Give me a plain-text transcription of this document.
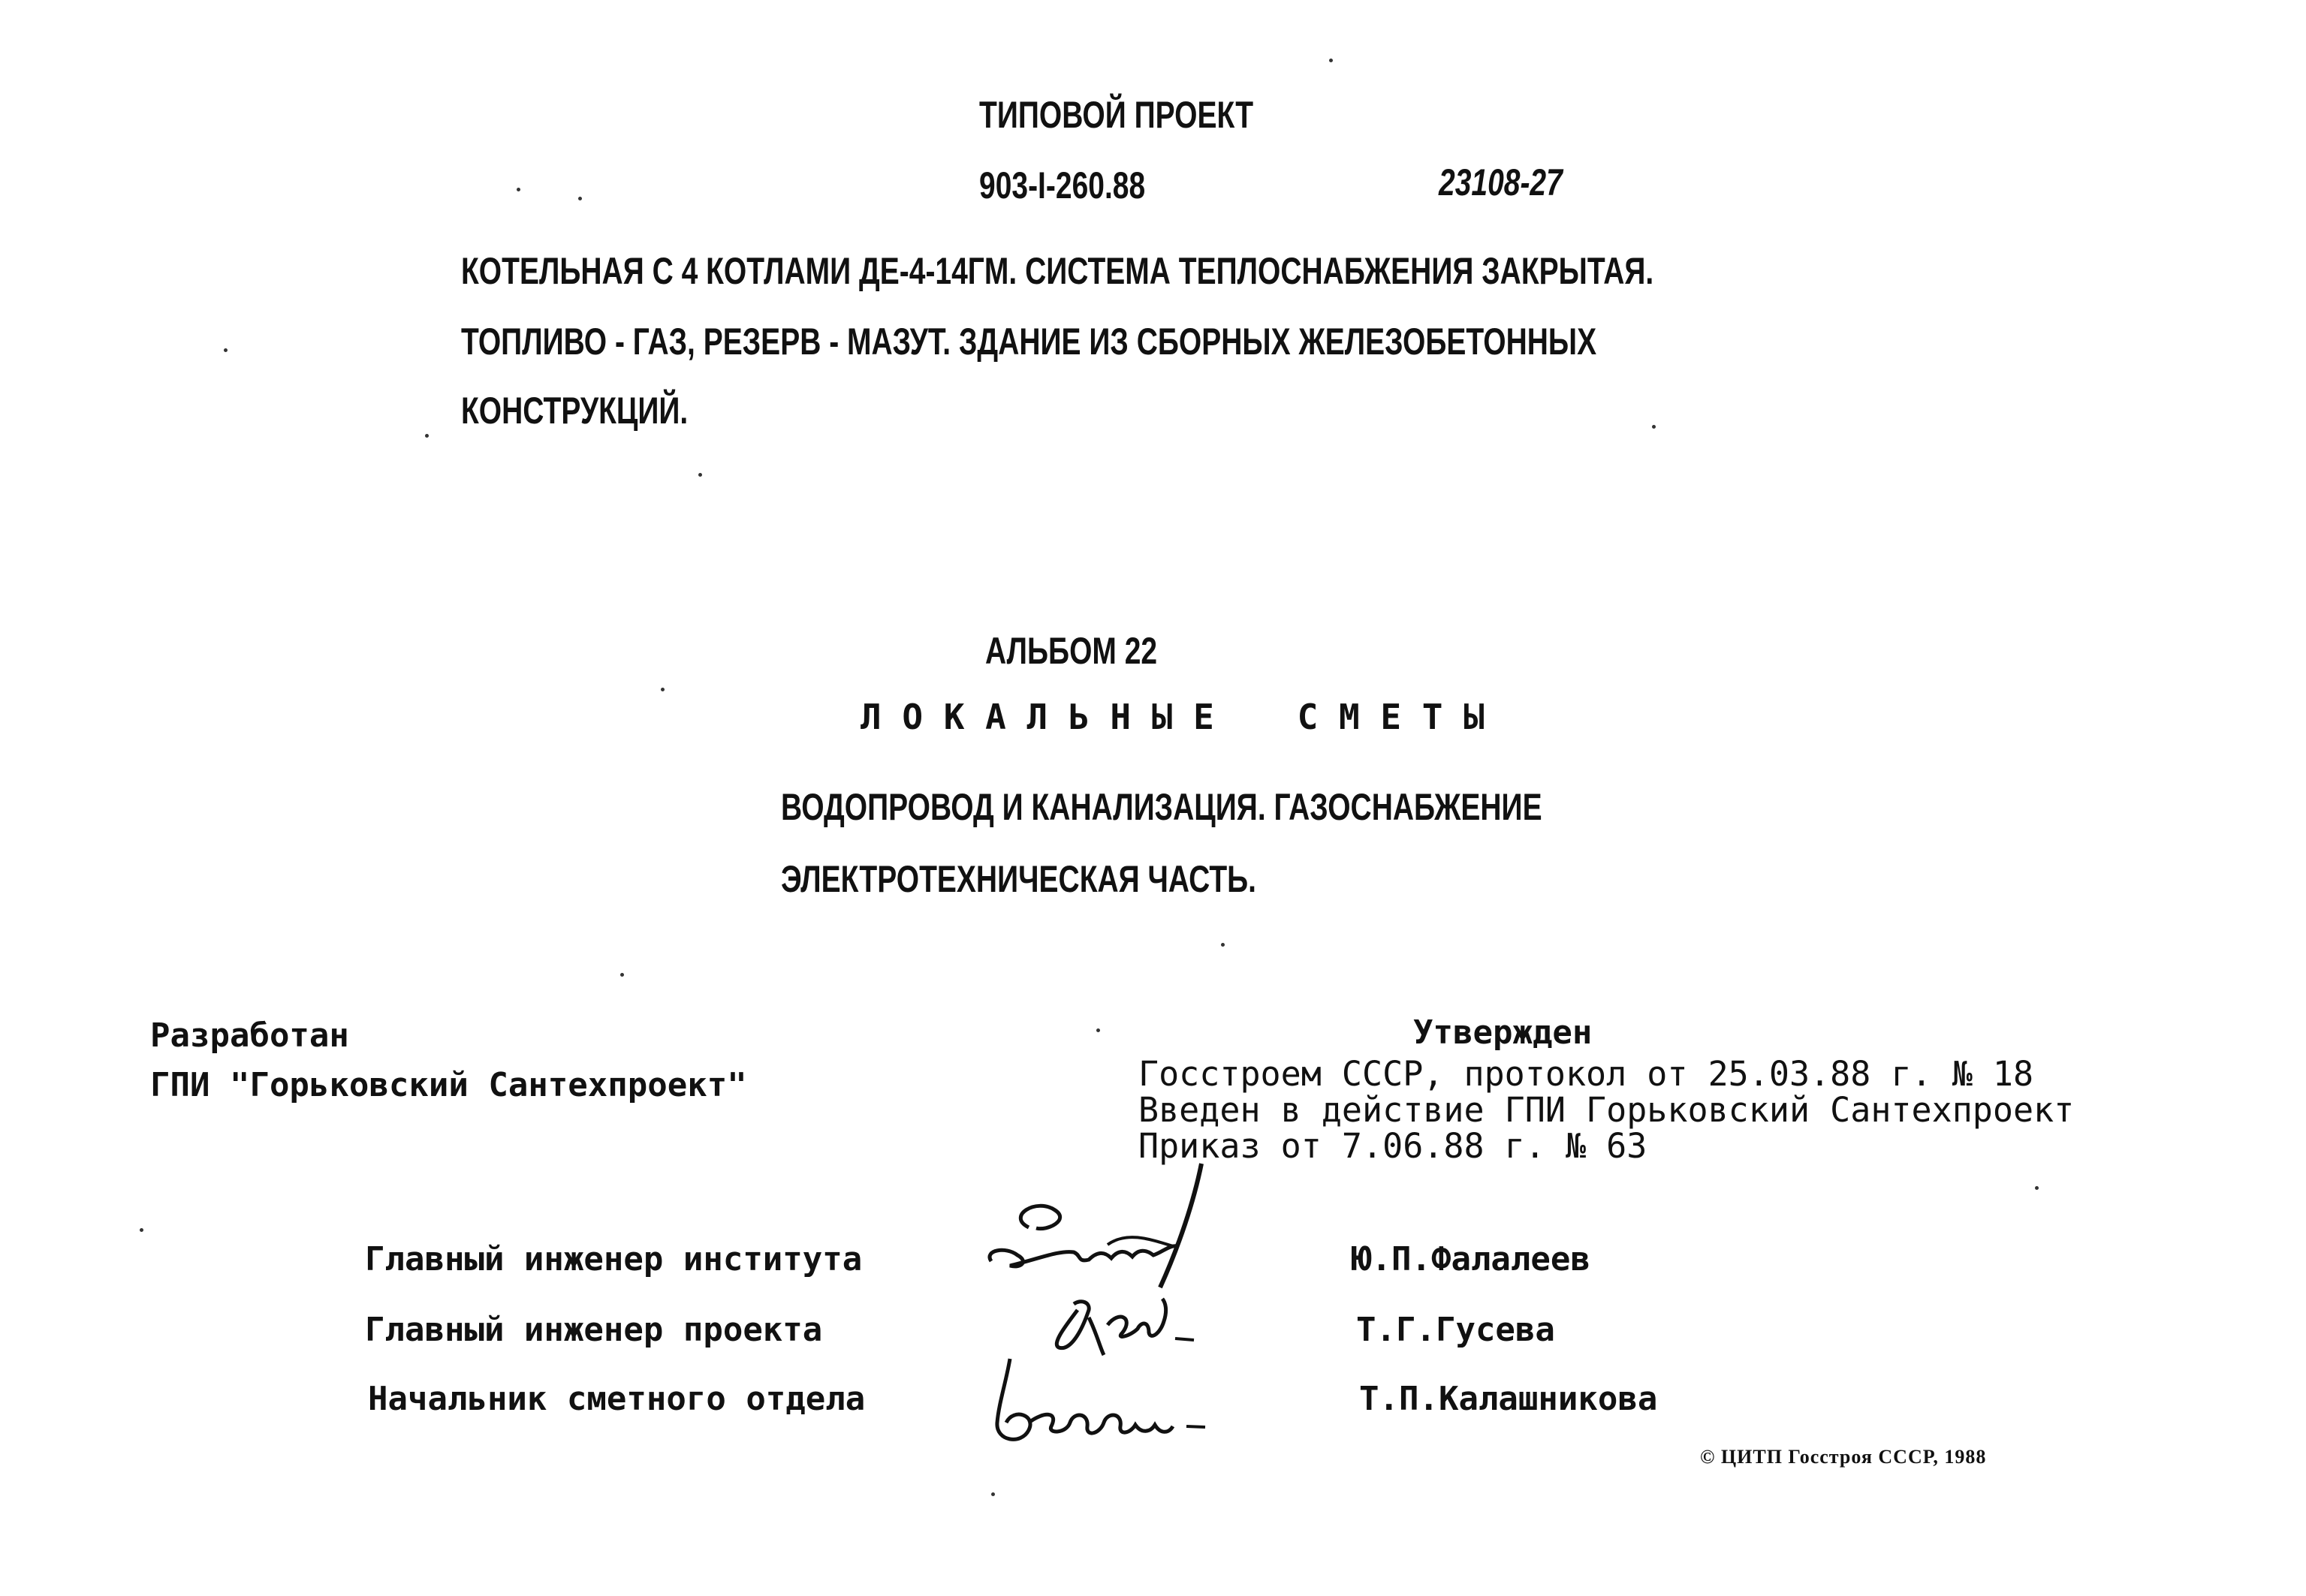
ТИПОВОЙ ПРОЕКТ
903-I-260.88	23108-27
КОТЕЛЬНАЯ С 4 КОТЛАМИ ДЕ-4-14ГМ. СИСТЕМА ТЕПЛОСНАБЖЕНИЯ ЗАКРЫТАЯ.
ТОПЛИВО - ГАЗ, РЕЗЕРВ - МАЗУТ. ЗДАНИЕ ИЗ СБОРНЫХ ЖЕЛЕЗОБЕТОННЫХ
КОНСТРУКЦИЙ.
АЛЬБОМ 22
Л О К А Л Ь Н Ы Е    С М Е Т Ы
ВОДОПРОВОД И КАНАЛИЗАЦИЯ. ГАЗОСНАБЖЕНИЕ
ЭЛЕКТРОТЕХНИЧЕСКАЯ ЧАСТЬ.
Разработан
ГПИ "Горьковский Сантехпроект"
Утвержден
Госстроем СССР, протокол от 25.03.88 г. № 18
Введен в действие ГПИ Горьковский Сантехпроект
Приказ от 7.06.88 г. № 63
Главный инженер института	Ю.П.Фалалеев
Главный инженер проекта	Т.Г.Гусева
Начальник сметного отдела	Т.П.Калашникова
© ЦИТП Госстроя СССР, 1988
